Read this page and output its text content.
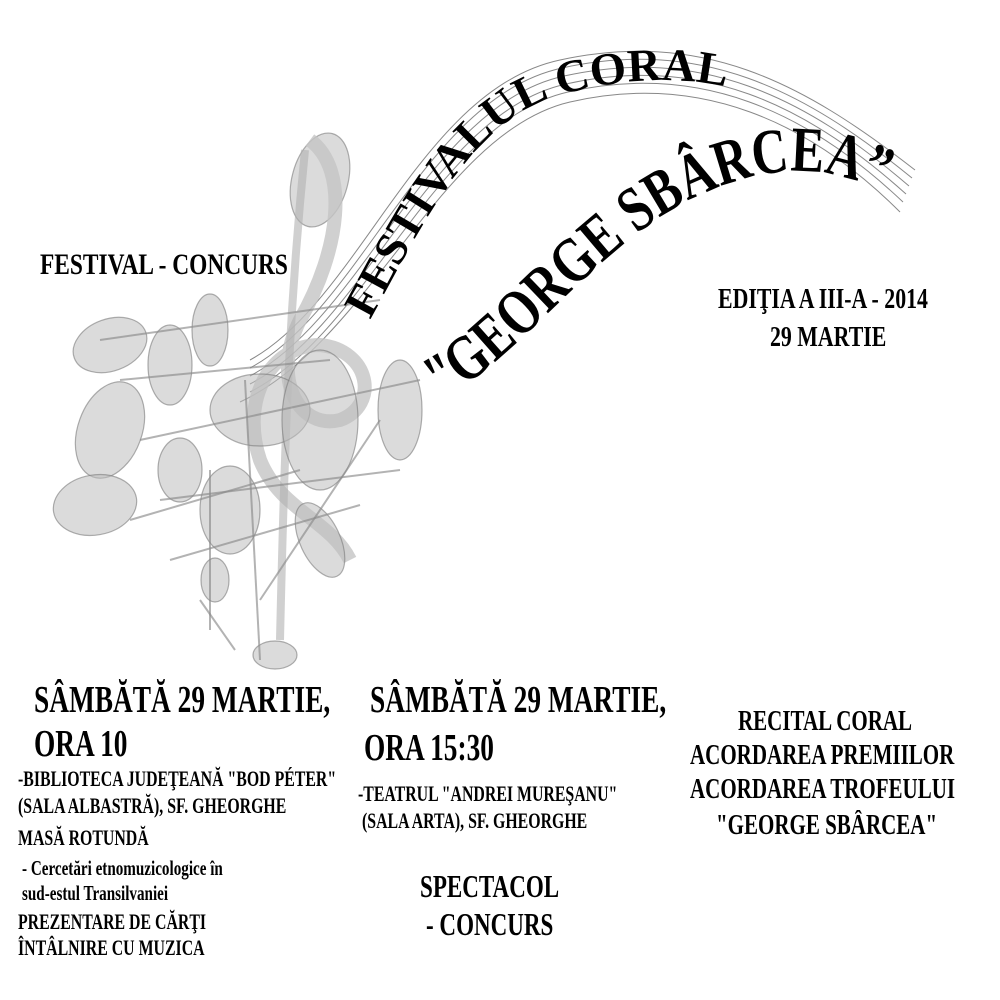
FESTIVALUL CORAL
"GEORGE SBÂRCEA”
FESTIVAL - CONCURS
EDIŢIA A III-A - 2014
29 MARTIE
SÂMBĂTĂ 29 MARTIE,
ORA 10
-BIBLIOTECA JUDEŢEANĂ "BOD PÉTER"
(SALA ALBASTRĂ), SF. GHEORGHE
MASĂ ROTUNDĂ
- Cercetări etnomuzicologice în
sud-estul Transilvaniei
PREZENTARE DE CĂRŢI
ÎNTÂLNIRE CU MUZICA
SÂMBĂTĂ 29 MARTIE,
ORA 15:30
-TEATRUL "ANDREI MUREŞANU"
(SALA ARTA), SF. GHEORGHE
SPECTACOL
- CONCURS
RECITAL CORAL
ACORDAREA PREMIILOR
ACORDAREA TROFEULUI
"GEORGE SBÂRCEA"
